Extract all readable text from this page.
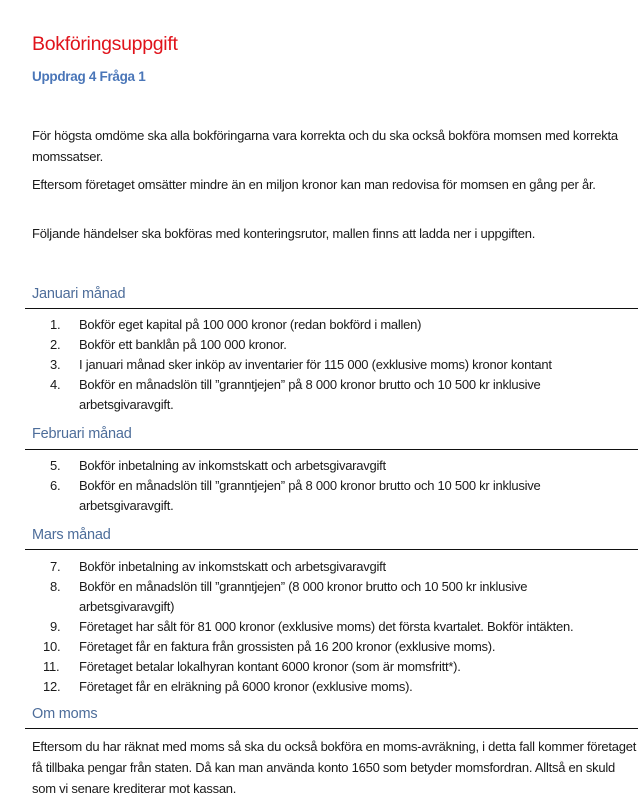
Bokföringsuppgift
Uppdrag 4 Fråga 1
För högsta omdöme ska alla bokföringarna vara korrekta och du ska också bokföra momsen med korrekta momssatser.
Eftersom företaget omsätter mindre än en miljon kronor kan man redovisa för momsen en gång per år.
Följande händelser ska bokföras med konteringsrutor, mallen finns att ladda ner i uppgiften.
Januari månad
1. Bokför eget kapital på 100 000 kronor (redan bokförd i mallen)
2. Bokför ett banklån på 100 000 kronor.
3. I januari månad sker inköp av inventarier för 115 000 (exklusive moms) kronor kontant
4. Bokför en månadslön till ”granntjejen” på 8 000 kronor brutto och 10 500 kr inklusive arbetsgivaravgift.
Februari månad
5. Bokför inbetalning av inkomstskatt och arbetsgivaravgift
6. Bokför en månadslön till ”granntjejen” på 8 000 kronor brutto och 10 500 kr inklusive arbetsgivaravgift.
Mars månad
7. Bokför inbetalning av inkomstskatt och arbetsgivaravgift
8. Bokför en månadslön till ”granntjejen” (8 000 kronor brutto och 10 500 kr inklusive arbetsgivaravgift)
9. Företaget har sålt för 81 000 kronor (exklusive moms) det första kvartalet. Bokför intäkten.
10. Företaget får en faktura från grossisten på 16 200 kronor (exklusive moms).
11. Företaget betalar lokalhyran kontant 6000 kronor (som är momsfritt*).
12. Företaget får en elräkning på 6000 kronor (exklusive moms).
Om moms
Eftersom du har räknat med moms så ska du också bokföra en moms-avräkning, i detta fall kommer företaget få tillbaka pengar från staten. Då kan man använda konto 1650 som betyder momsfordran. Alltså en skuld som vi senare krediterar mot kassan.
